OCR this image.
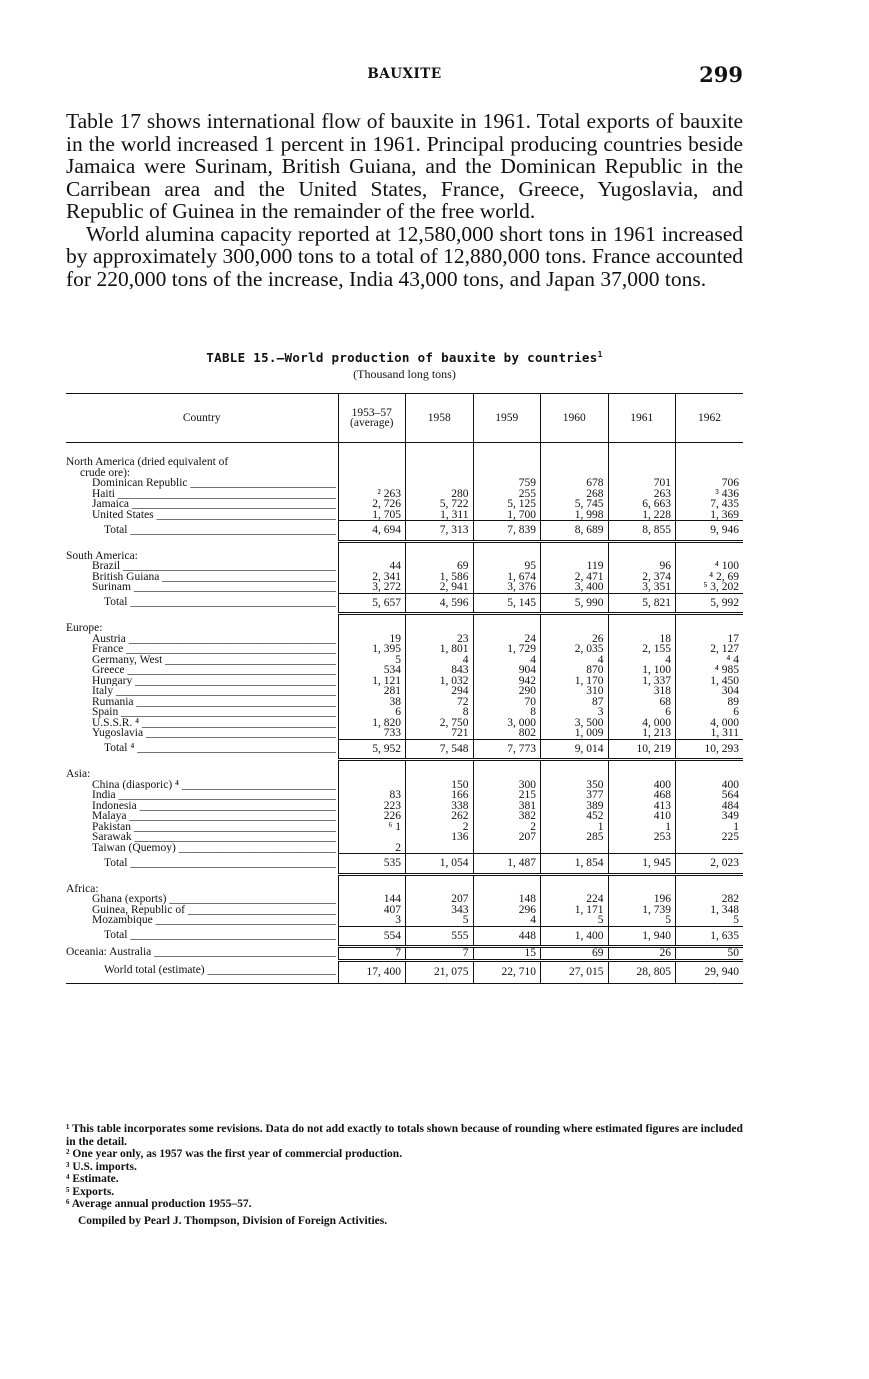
BAUXITE	299

Table 17 shows international flow of bauxite in 1961. Total exports of bauxite in the world increased 1 percent in 1961. Principal producing countries beside Jamaica were Surinam, British Guiana, and the Dominican Republic in the Carribean area and the United States, France, Greece, Yugoslavia, and Republic of Guinea in the remainder of the free world.

World alumina capacity reported at 12,580,000 short tons in 1961 increased by approximately 300,000 tons to a total of 12,880,000 tons. France accounted for 220,000 tons of the increase, India 43,000 tons, and Japan 37,000 tons.

TABLE 15.—World production of bauxite by countries$^1$
(Thousand long tons)
Country	1953–57 (average)	1958	1959	1960	1961	1962

North America (dried equivalent of						
crude ore):						

Dominican Republic _____			759	678	701	706

Haiti _____	² 263	280	255	268	263	³ 436

Jamaica _____	2, 726	5, 722	5, 125	5, 745	6, 663	7, 435

United States _____	1, 705	1, 311	1, 700	1, 998	1, 228	1, 369

Total _____	4, 694	7, 313	7, 839	8, 689	8, 855	9, 946

South America:						

Brazil _____	44	69	95	119	96	⁴ 100

British Guiana _____	2, 341	1, 586	1, 674	2, 471	2, 374	⁴ 2, 69

Surinam _____	3, 272	2, 941	3, 376	3, 400	3, 351	⁵ 3, 202

Total _____	5, 657	4, 596	5, 145	5, 990	5, 821	5, 992

Europe:						

Austria _____	19	23	24	26	18	17

France _____	1, 395	1, 801	1, 729	2, 035	2, 155	2, 127

Germany, West _____	5	4	4	4	4	⁴ 4

Greece _____	534	843	904	870	1, 100	⁴ 985

Hungary _____	1, 121	1, 032	942	1, 170	1, 337	1, 450

Italy _____	281	294	290	310	318	304

Rumania _____	38	72	70	87	68	89

Spain _____	6	8	8	3	6	6

U.S.S.R. ⁴ _____	1, 820	2, 750	3, 000	3, 500	4, 000	4, 000

Yugoslavia _____	733	721	802	1, 009	1, 213	1, 311

Total ⁴ _____	5, 952	7, 548	7, 773	9, 014	10, 219	10, 293

Asia:						

China (diasporic) ⁴ _____		150	300	350	400	400

India _____	83	166	215	377	468	564

Indonesia _____	223	338	381	389	413	484

Malaya _____	226	262	382	452	410	349

Pakistan _____	⁶ 1	2	2	1	1	1

Sarawak _____		136	207	285	253	225

Taiwan (Quemoy) _____	2					

Total _____	535	1, 054	1, 487	1, 854	1, 945	2, 023

Africa:						

Ghana (exports) _____	144	207	148	224	196	282

Guinea, Republic of _____	407	343	296	1, 171	1, 739	1, 348

Mozambique _____	3	5	4	5	5	5

Total _____	554	555	448	1, 400	1, 940	1, 635

Oceania: Australia _____	7	7	15	69	26	50

World total (estimate) _____	17, 400	21, 075	22, 710	27, 015	28, 805	29, 940

¹ This table incorporates some revisions. Data do not add exactly to totals shown because of rounding where estimated figures are included in the detail.

² One year only, as 1957 was the first year of commercial production.

³ U.S. imports.

⁴ Estimate.

⁵ Exports.

⁶ Average annual production 1955–57.

Compiled by Pearl J. Thompson, Division of Foreign Activities.
